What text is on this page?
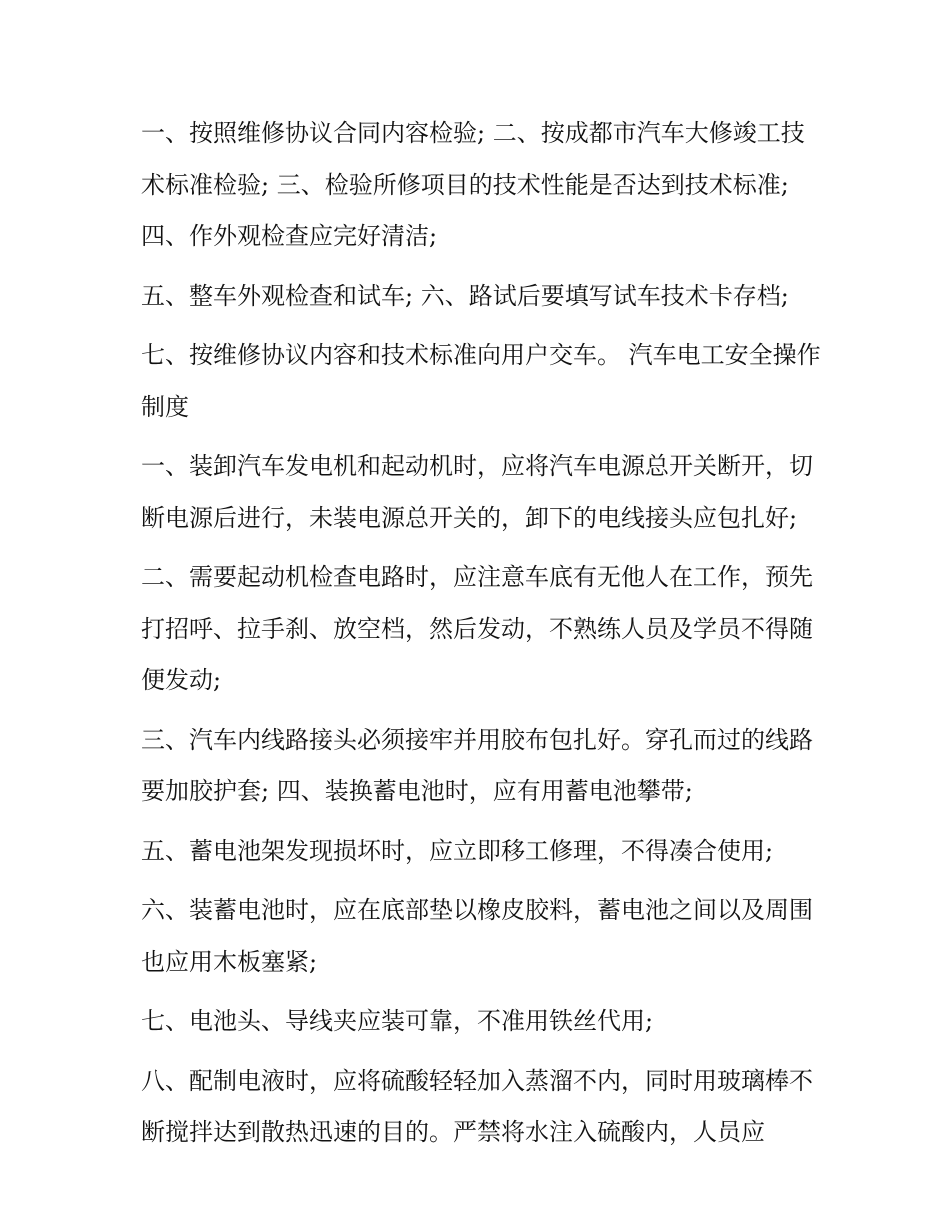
一、按照维修协议合同内容检验; 二、按成都市汽车大修竣工技术标准检验; 三、检验所修项目的技术性能是否达到技术标准; 四、作外观检查应完好清洁;

五、整车外观检查和试车; 六、路试后要填写试车技术卡存档;

七、按维修协议内容和技术标准向用户交车。 汽车电工安全操作制度

一、装卸汽车发电机和起动机时，应将汽车电源总开关断开，切断电源后进行，未装电源总开关的，卸下的电线接头应包扎好;

二、需要起动机检查电路时，应注意车底有无他人在工作，预先打招呼、拉手刹、放空档，然后发动，不熟练人员及学员不得随便发动;

三、汽车内线路接头必须接牢并用胶布包扎好。穿孔而过的线路要加胶护套; 四、装换蓄电池时，应有用蓄电池攀带;

五、蓄电池架发现损坏时，应立即移工修理，不得凑合使用;

六、装蓄电池时，应在底部垫以橡皮胶料，蓄电池之间以及周围也应用木板塞紧;

七、电池头、导线夹应装可靠，不准用铁丝代用;

八、配制电液时，应将硫酸轻轻加入蒸溜不内，同时用玻璃棒不断搅拌达到散热迅速的目的。严禁将水注入硫酸内，人员应
